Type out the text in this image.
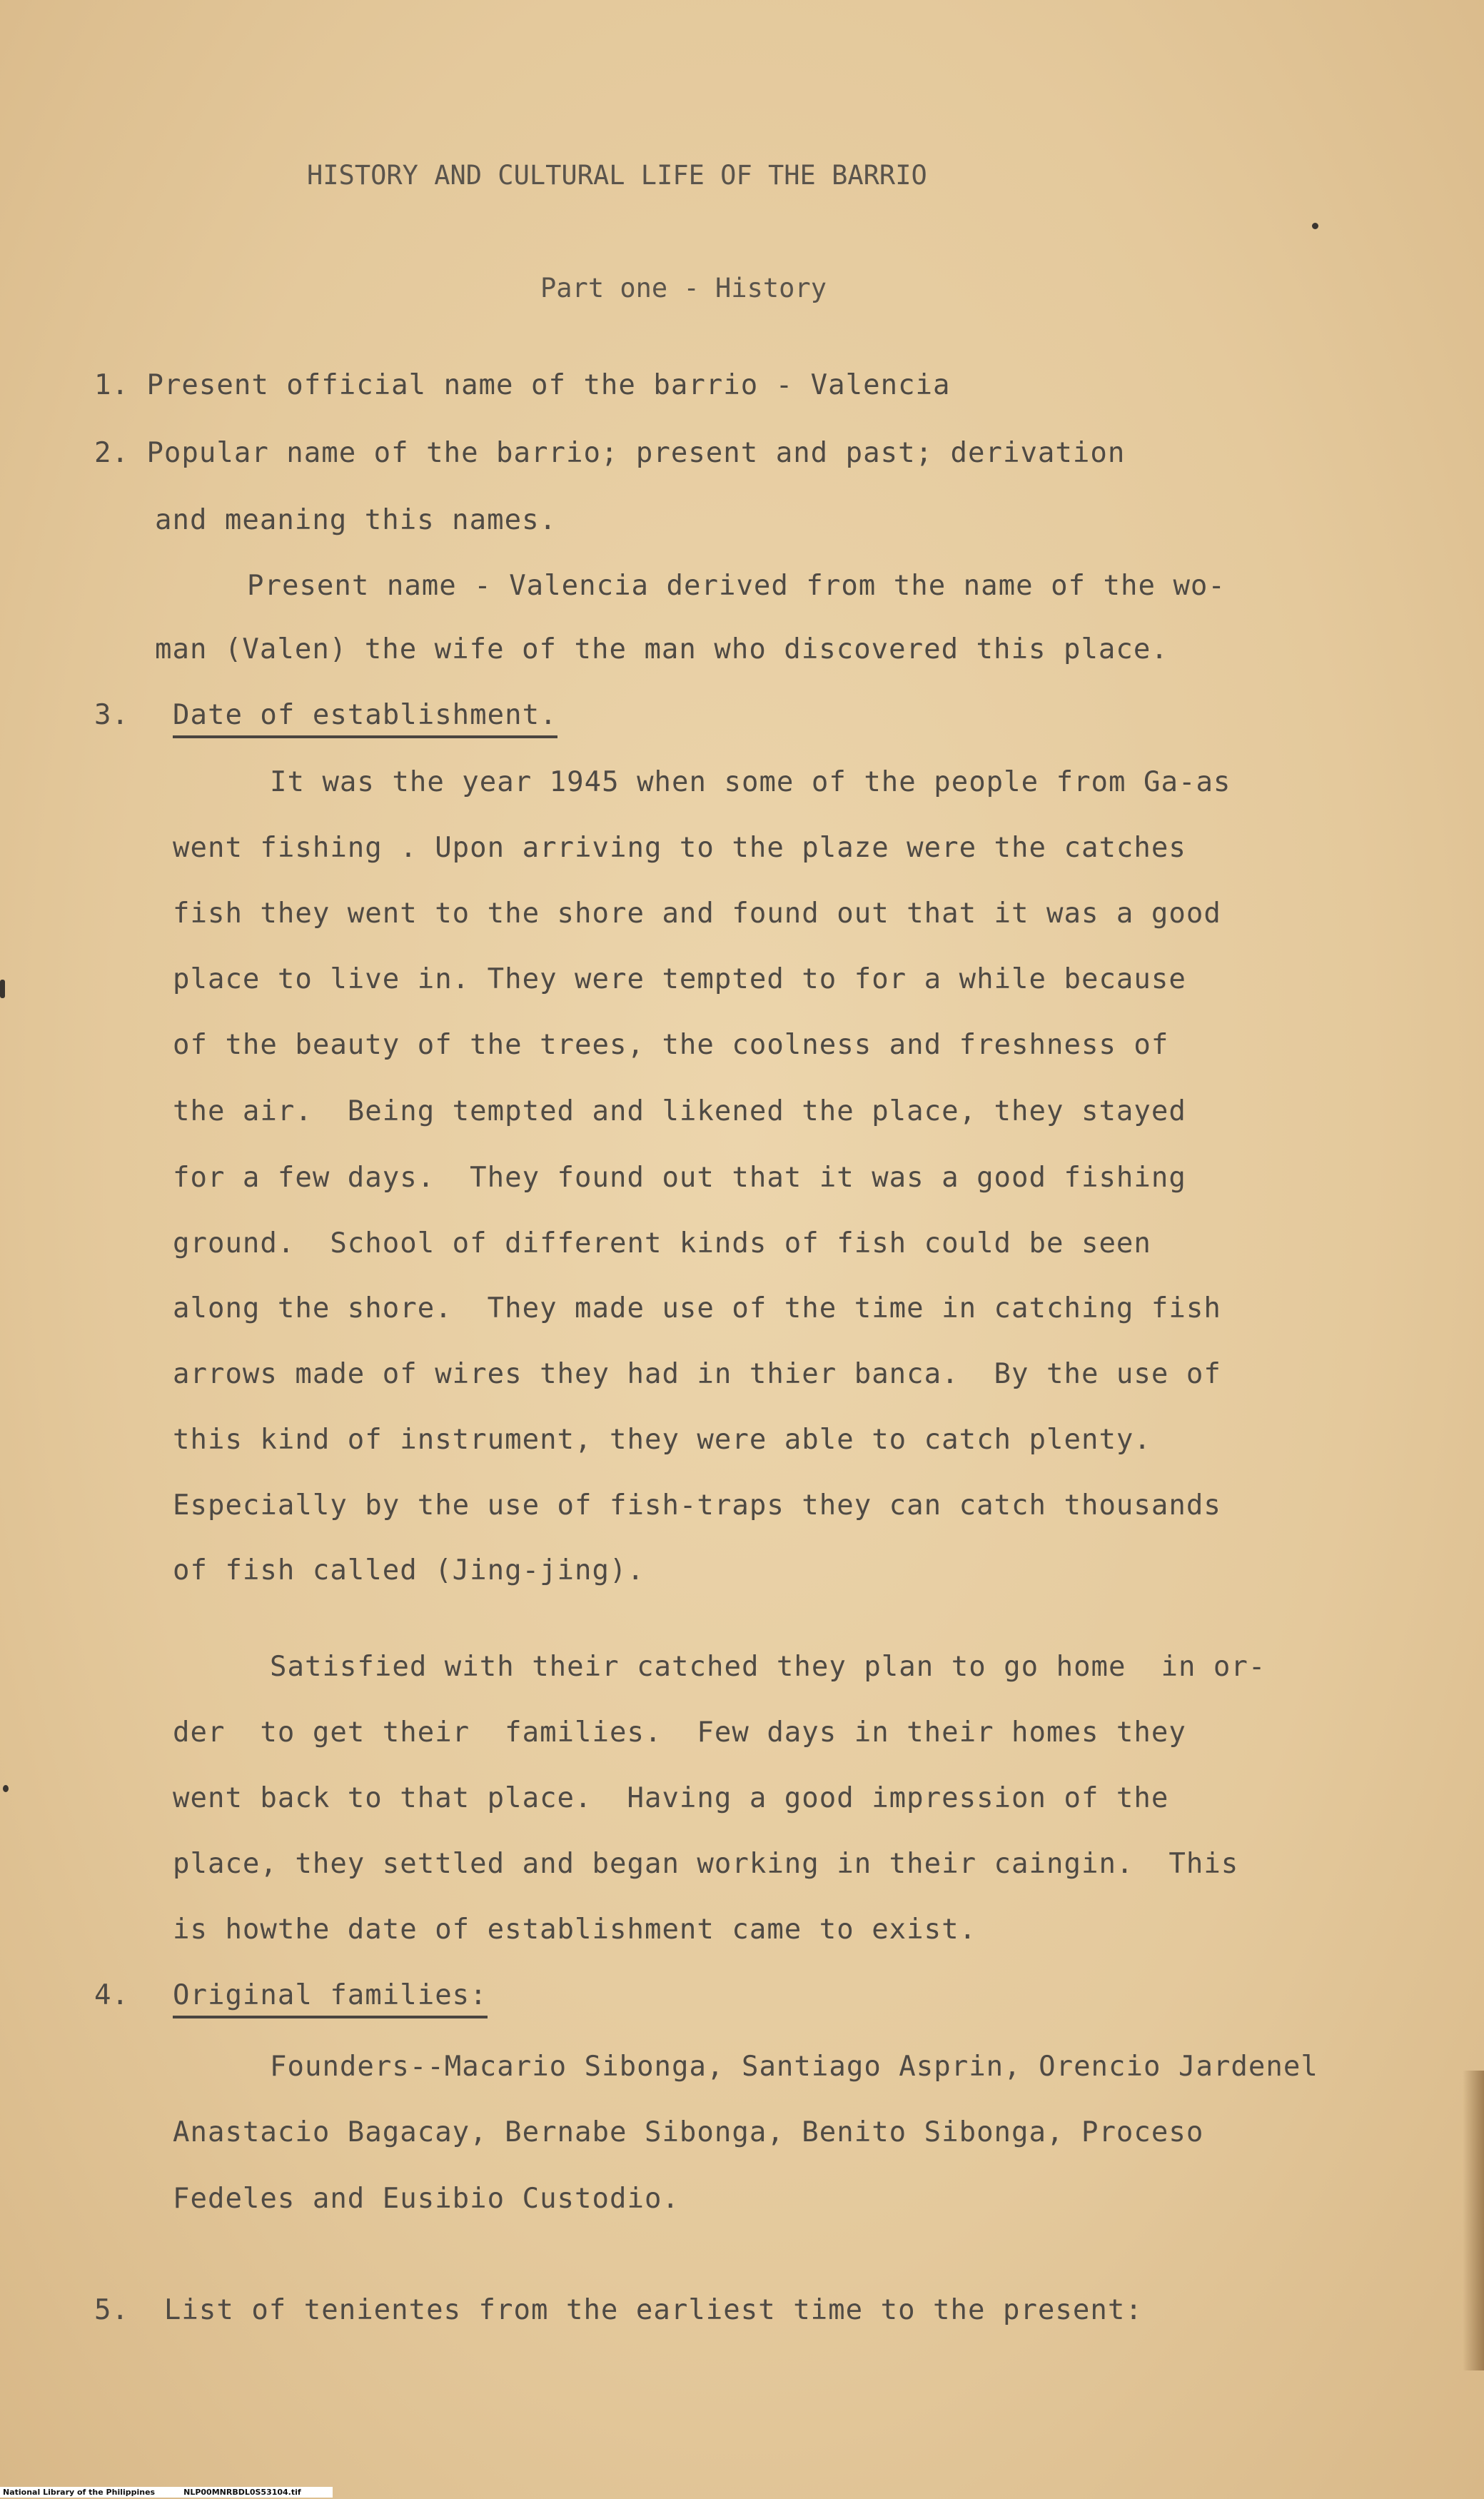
HISTORY AND CULTURAL LIFE OF THE BARRIO
Part one - History
1. Present official name of the barrio - Valencia
2. Popular name of the barrio; present and past; derivation
and meaning this names.
Present name - Valencia derived from the name of the wo-
man (Valen) the wife of the man who discovered this place.
3. Date of establishment.
It was the year 1945 when some of the people from Ga-as
went fishing . Upon arriving to the plaze were the catches
fish they went to the shore and found out that it was a good
place to live in. They were tempted to for a while because
of the beauty of the trees, the coolness and freshness of
the air.  Being tempted and likened the place, they stayed
for a few days.  They found out that it was a good fishing
ground.  School of different kinds of fish could be seen
along the shore.  They made use of the time in catching fish
arrows made of wires they had in thier banca.  By the use of
this kind of instrument, they were able to catch plenty.
Especially by the use of fish-traps they can catch thousands
of fish called (Jing-jing).
Satisfied with their catched they plan to go home  in or-
der  to get their  families.  Few days in their homes they
went back to that place.  Having a good impression of the
place, they settled and began working in their caingin.  This
is howthe date of establishment came to exist.
4. Original families:
Founders--Macario Sibonga, Santiago Asprin, Orencio Jardenel
Anastacio Bagacay, Bernabe Sibonga, Benito Sibonga, Proceso
Fedeles and Eusibio Custodio.
5.  List of tenientes from the earliest time to the present:
National Library of the Philippines	NLP00MNRBDL0S53104.tif
